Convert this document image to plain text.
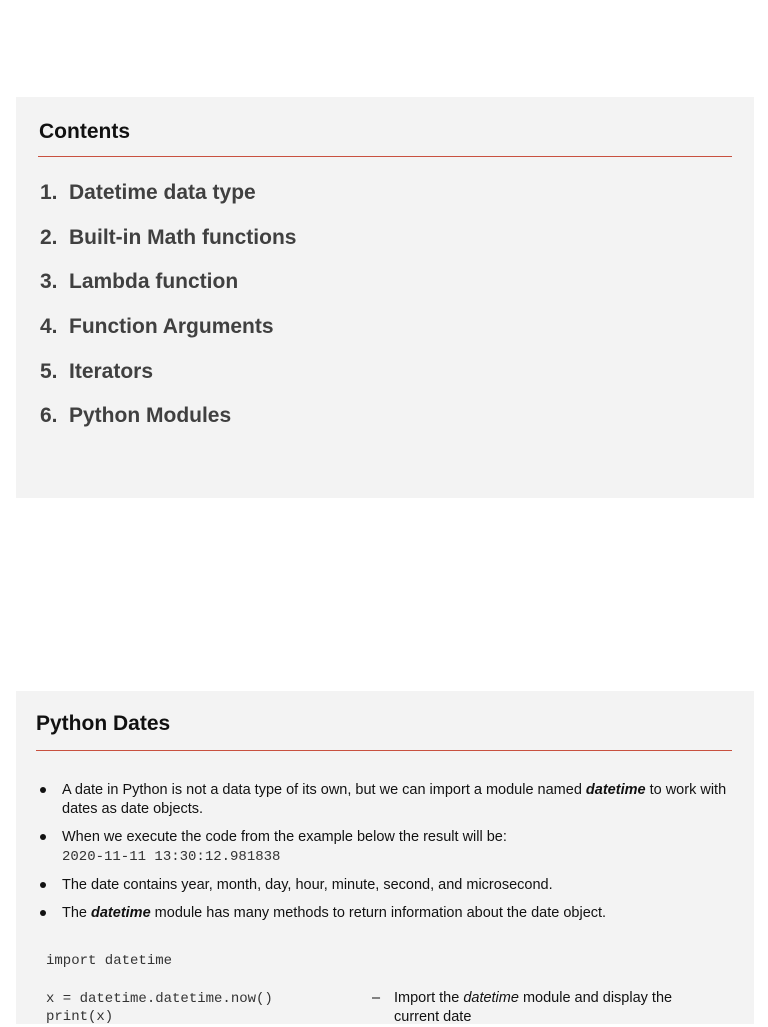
Contents
1. Datetime data type
2. Built-in Math functions
3. Lambda function
4. Function Arguments
5. Iterators
6. Python Modules
Python Dates
A date in Python is not a data type of its own, but we can import a module named datetime to work with dates as date objects.
When we execute the code from the example below the result will be:
2020-11-11 13:30:12.981838
The date contains year, month, day, hour, minute, second, and microsecond.
The datetime module has many methods to return information about the date object.
import datetime
x = datetime.datetime.now()
print(x)
– Import the datetime module and display the current date
